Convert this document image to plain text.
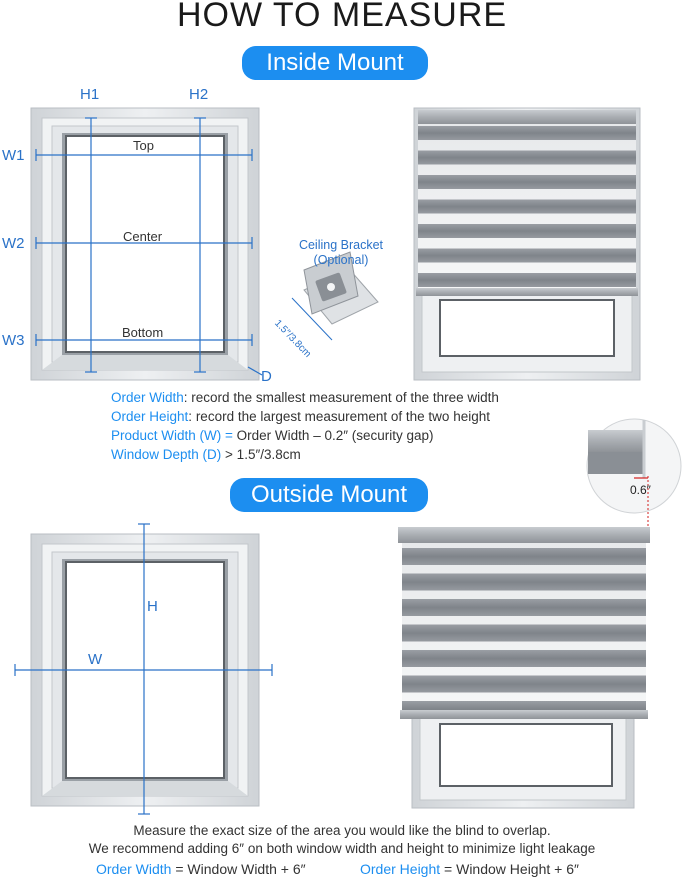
HOW TO MEASURE
Inside Mount
Outside Mount
H1	H2
W1
W2
W3
D
Top
Center
Bottom
Ceiling Bracket
(Optional)
1.5″/3.8cm
Order Width: record the smallest measurement of the three width
Order Height: record the largest measurement of the two height
Product Width (W) = Order Width – 0.2″ (security gap)
Window Depth (D) > 1.5″/3.8cm
0.6″
H
W
Measure the exact size of the area you would like the blind to overlap.
We recommend adding 6″ on both window width and height to minimize light leakage
Order Width = Window Width + 6″	Order Height = Window Height + 6″
